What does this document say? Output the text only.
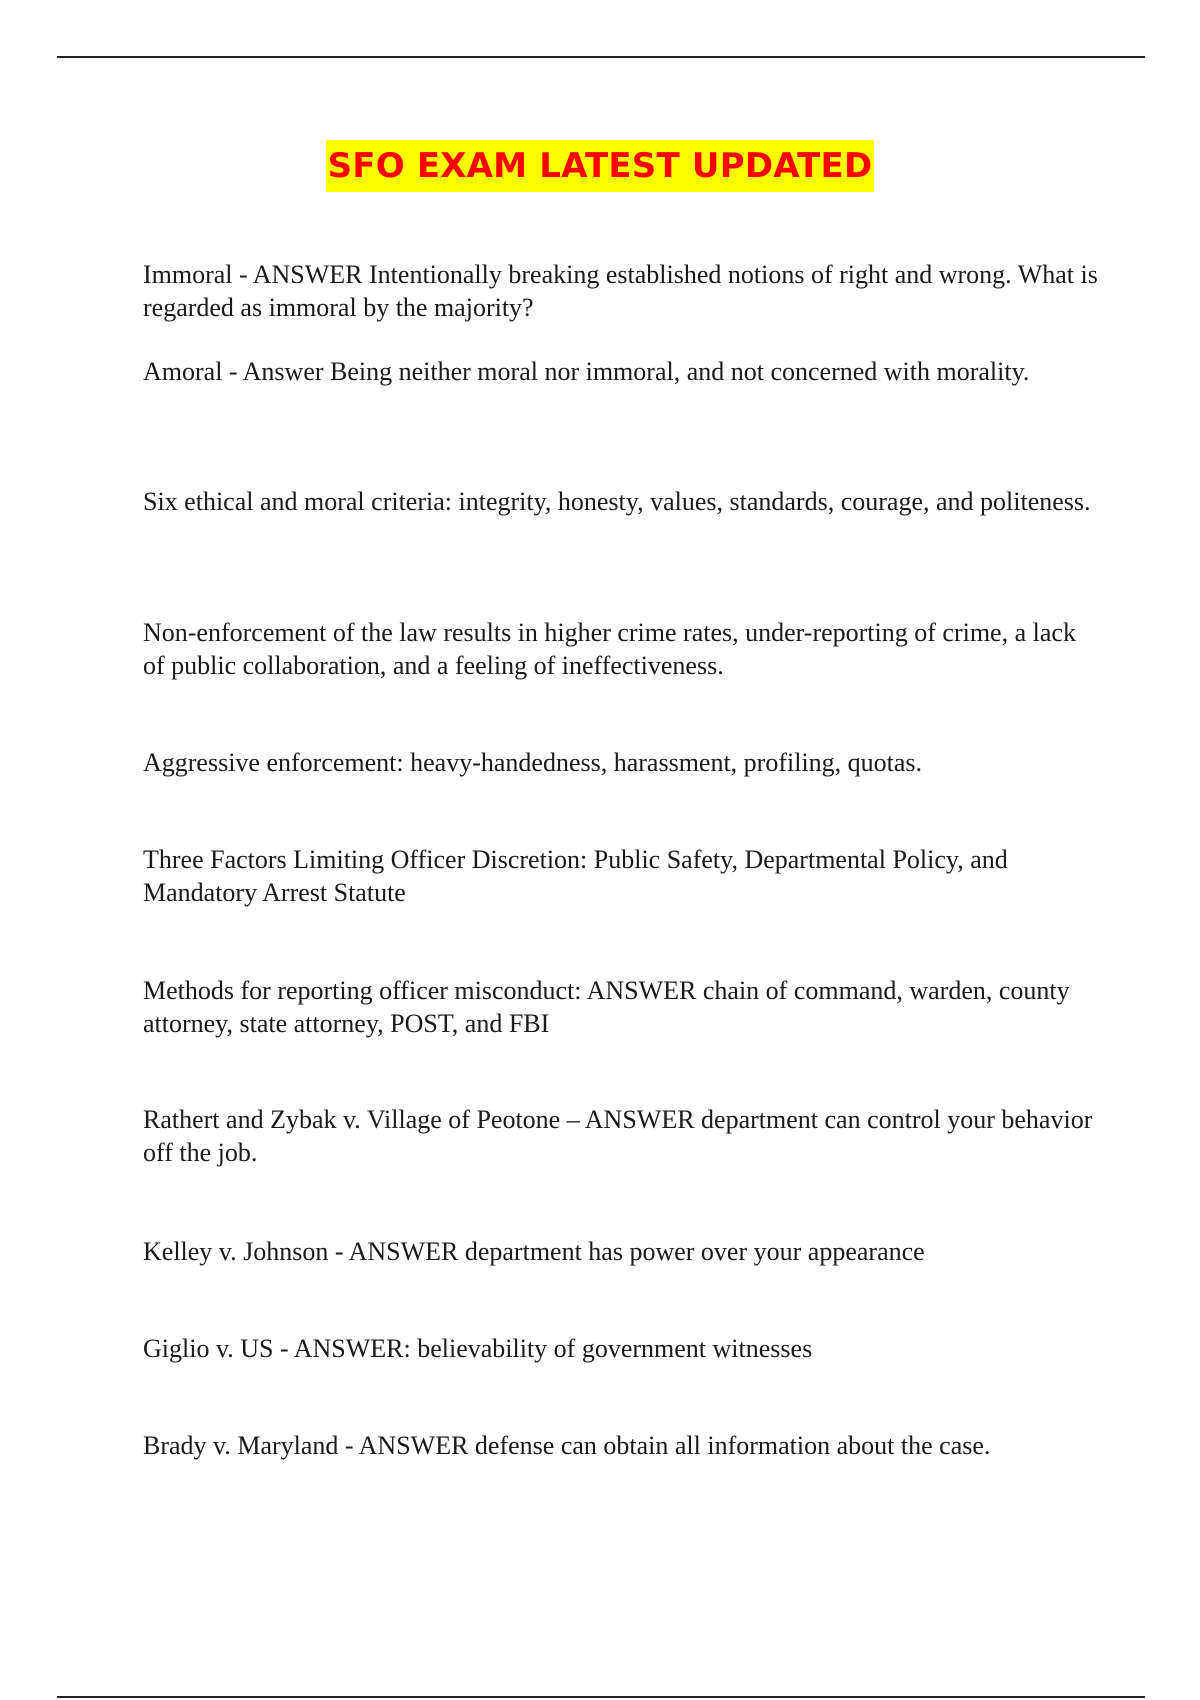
SFO EXAM LATEST UPDATED

Immoral - ANSWER Intentionally breaking established notions of right and wrong. What is regarded as immoral by the majority?

Amoral - Answer Being neither moral nor immoral, and not concerned with morality.

Six ethical and moral criteria: integrity, honesty, values, standards, courage, and politeness.

Non-enforcement of the law results in higher crime rates, under-reporting of crime, a lack of public collaboration, and a feeling of ineffectiveness.

Aggressive enforcement: heavy-handedness, harassment, profiling, quotas.

Three Factors Limiting Officer Discretion: Public Safety, Departmental Policy, and Mandatory Arrest Statute

Methods for reporting officer misconduct: ANSWER chain of command, warden, county attorney, state attorney, POST, and FBI

Rathert and Zybak v. Village of Peotone – ANSWER department can control your behavior off the job.

Kelley v. Johnson - ANSWER department has power over your appearance

Giglio v. US - ANSWER: believability of government witnesses

Brady v. Maryland - ANSWER defense can obtain all information about the case.
